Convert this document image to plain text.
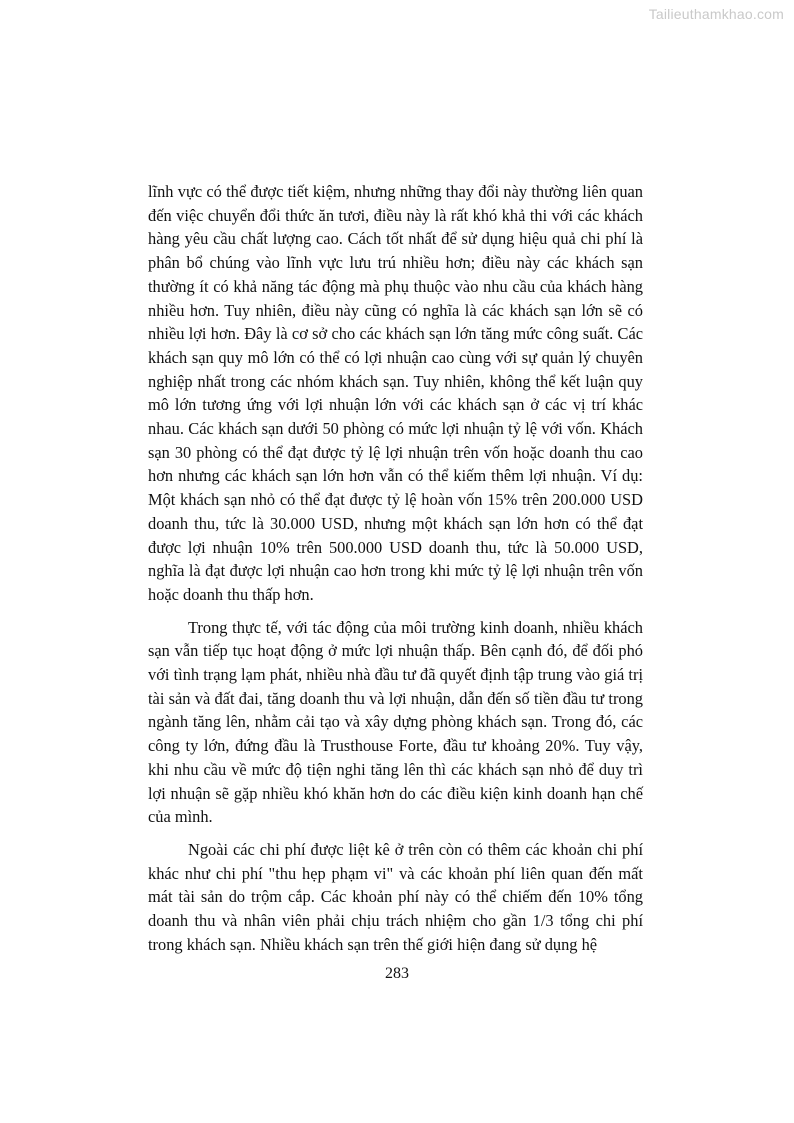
Tailieuthamkhao.com

lĩnh vực có thể được tiết kiệm, nhưng những thay đổi này thường liên quan đến việc chuyển đổi thức ăn tươi, điều này là rất khó khả thi với các khách hàng yêu cầu chất lượng cao. Cách tốt nhất để sử dụng hiệu quả chi phí là phân bổ chúng vào lĩnh vực lưu trú nhiều hơn; điều này các khách sạn thường ít có khả năng tác động mà phụ thuộc vào nhu cầu của khách hàng nhiều hơn. Tuy nhiên, điều này cũng có nghĩa là các khách sạn lớn sẽ có nhiều lợi hơn. Đây là cơ sở cho các khách sạn lớn tăng mức công suất. Các khách sạn quy mô lớn có thể có lợi nhuận cao cùng với sự quản lý chuyên nghiệp nhất trong các nhóm khách sạn. Tuy nhiên, không thể kết luận quy mô lớn tương ứng với lợi nhuận lớn với các khách sạn ở các vị trí khác nhau. Các khách sạn dưới 50 phòng có mức lợi nhuận tỷ lệ với vốn. Khách sạn 30 phòng có thể đạt được tỷ lệ lợi nhuận trên vốn hoặc doanh thu cao hơn nhưng các khách sạn lớn hơn vẫn có thể kiếm thêm lợi nhuận. Ví dụ: Một khách sạn nhỏ có thể đạt được tỷ lệ hoàn vốn 15% trên 200.000 USD doanh thu, tức là 30.000 USD, nhưng một khách sạn lớn hơn có thể đạt được lợi nhuận 10% trên 500.000 USD doanh thu, tức là 50.000 USD, nghĩa là đạt được lợi nhuận cao hơn trong khi mức tỷ lệ lợi nhuận trên vốn hoặc doanh thu thấp hơn.

Trong thực tế, với tác động của môi trường kinh doanh, nhiều khách sạn vẫn tiếp tục hoạt động ở mức lợi nhuận thấp. Bên cạnh đó, để đối phó với tình trạng lạm phát, nhiều nhà đầu tư đã quyết định tập trung vào giá trị tài sản và đất đai, tăng doanh thu và lợi nhuận, dẫn đến số tiền đầu tư trong ngành tăng lên, nhằm cải tạo và xây dựng phòng khách sạn. Trong đó, các công ty lớn, đứng đầu là Trusthouse Forte, đầu tư khoảng 20%. Tuy vậy, khi nhu cầu về mức độ tiện nghi tăng lên thì các khách sạn nhỏ để duy trì lợi nhuận sẽ gặp nhiều khó khăn hơn do các điều kiện kinh doanh hạn chế của mình.

Ngoài các chi phí được liệt kê ở trên còn có thêm các khoản chi phí khác như chi phí "thu hẹp phạm vi" và các khoản phí liên quan đến mất mát tài sản do trộm cắp. Các khoản phí này có thể chiếm đến 10% tổng doanh thu và nhân viên phải chịu trách nhiệm cho gần 1/3 tổng chi phí trong khách sạn. Nhiều khách sạn trên thế giới hiện đang sử dụng hệ

283
